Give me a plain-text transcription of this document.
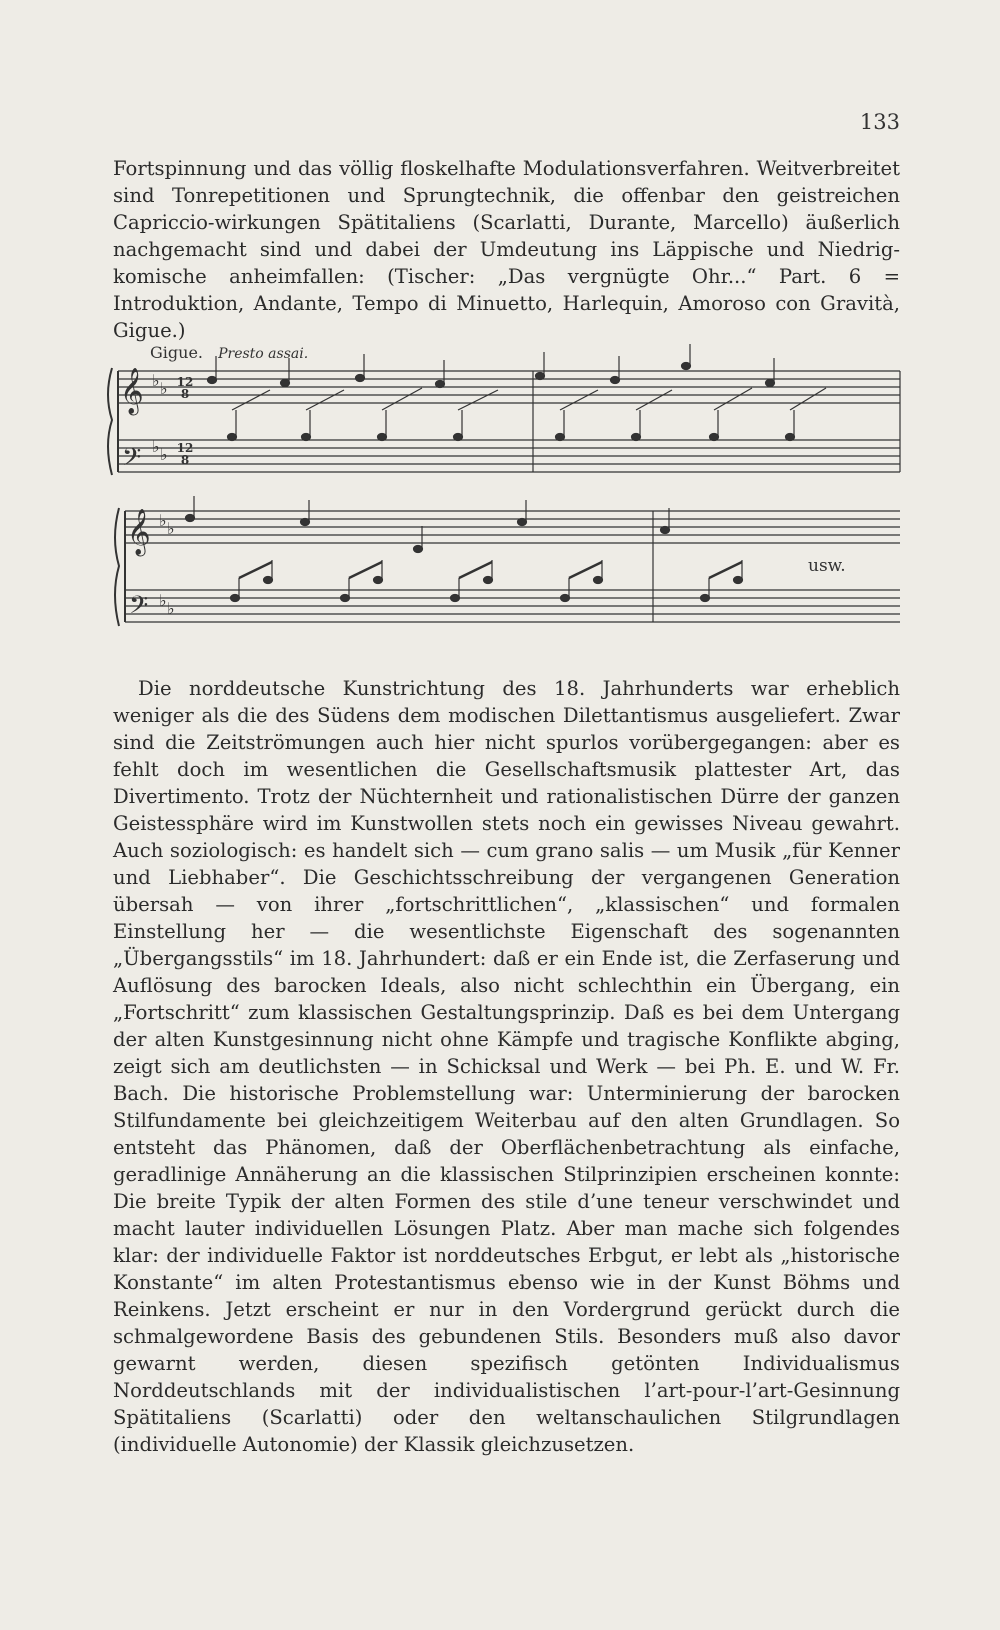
133

Fortspinnung und das völlig floskelhafte Modulationsverfahren. Weitverbreitet sind Tonrepetitionen und Sprungtechnik, die offenbar den geistreichen Capriccio-wirkungen Spätitaliens (Scarlatti, Durante, Marcello) äußerlich nachgemacht sind und dabei der Umdeutung ins Läppische und Niedrig-komische anheimfallen: (Tischer: „Das vergnügte Ohr...“ Part. 6 = Introduktion, Andante, Tempo di Minuetto, Harlequin, Amoroso con Gravità, Gigue.)

Gigue. Presto assai.
𝄞
𝄢
𝄞
𝄢
♭ ♭
♭ ♭
♭ ♭
♭ ♭
12
8
12
8
usw.

Die norddeutsche Kunstrichtung des 18. Jahrhunderts war erheblich weniger als die des Südens dem modischen Dilettantismus ausgeliefert. Zwar sind die Zeitströmungen auch hier nicht spurlos vorübergegangen: aber es fehlt doch im wesentlichen die Gesellschaftsmusik plattester Art, das Divertimento. Trotz der Nüchternheit und rationalistischen Dürre der ganzen Geistessphäre wird im Kunstwollen stets noch ein gewisses Niveau gewahrt. Auch soziologisch: es handelt sich — cum grano salis — um Musik „für Kenner und Liebhaber“. Die Geschichtsschreibung der vergangenen Generation übersah — von ihrer „fortschrittlichen“, „klassischen“ und formalen Einstellung her — die wesentlichste Eigenschaft des sogenannten „Übergangsstils“ im 18. Jahrhundert: daß er ein Ende ist, die Zerfaserung und Auflösung des barocken Ideals, also nicht schlechthin ein Übergang, ein „Fortschritt“ zum klassischen Gestaltungsprinzip. Daß es bei dem Untergang der alten Kunstgesinnung nicht ohne Kämpfe und tragische Konflikte abging, zeigt sich am deutlichsten — in Schicksal und Werk — bei Ph. E. und W. Fr. Bach. Die historische Problemstellung war: Unterminierung der barocken Stilfundamente bei gleichzeitigem Weiterbau auf den alten Grundlagen. So entsteht das Phänomen, daß der Oberflächenbetrachtung als einfache, geradlinige Annäherung an die klassischen Stilprinzipien erscheinen konnte: Die breite Typik der alten Formen des stile d’une teneur verschwindet und macht lauter individuellen Lösungen Platz. Aber man mache sich folgendes klar: der individuelle Faktor ist norddeutsches Erbgut, er lebt als „historische Konstante“ im alten Protestantismus ebenso wie in der Kunst Böhms und Reinkens. Jetzt erscheint er nur in den Vordergrund gerückt durch die schmalgewordene Basis des gebundenen Stils. Besonders muß also davor gewarnt werden, diesen spezifisch getönten Individualismus Norddeutschlands mit der individualistischen l’art-pour-l’art-Gesinnung Spätitaliens (Scarlatti) oder den weltanschaulichen Stilgrundlagen (individuelle Autonomie) der Klassik gleichzusetzen.
